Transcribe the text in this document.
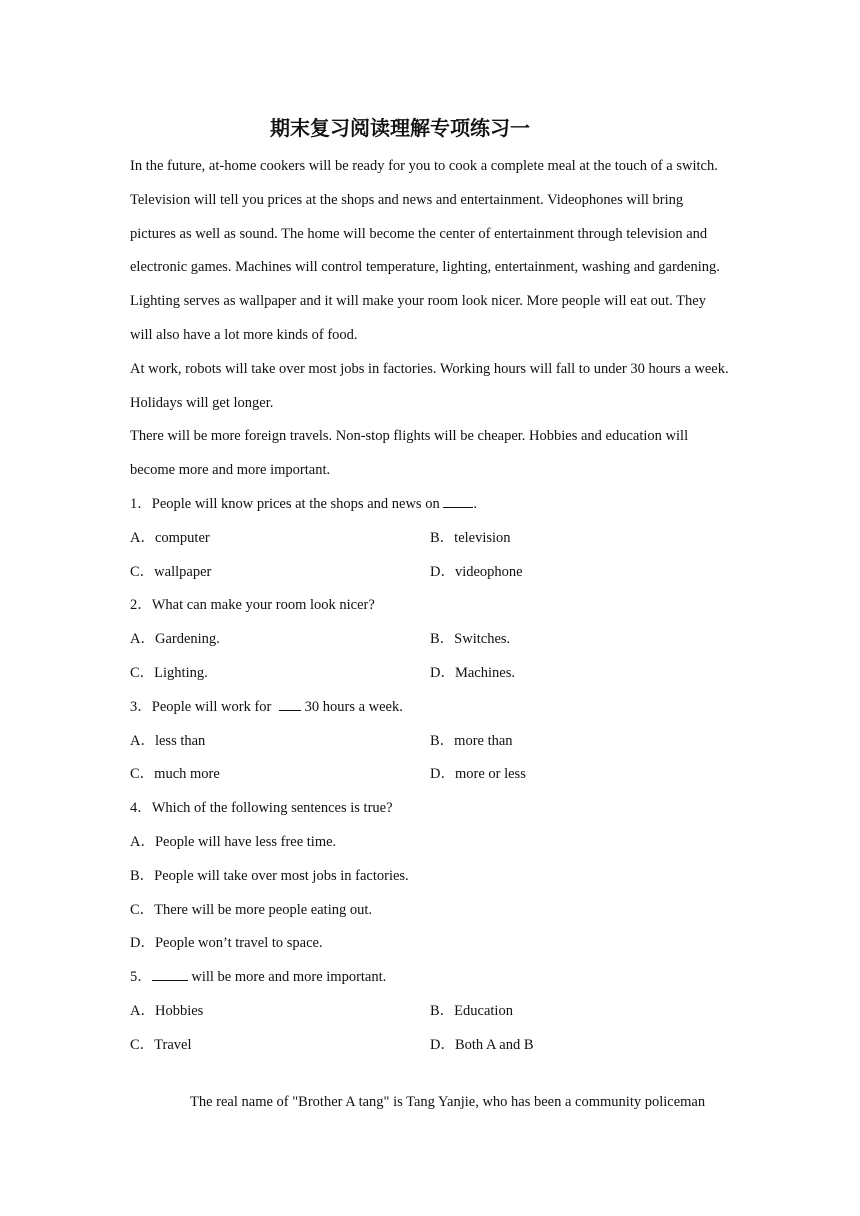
期末复习阅读理解专项练习一

In the future, at-home cookers will be ready for you to cook a complete meal at the touch of a switch. Television will tell you prices at the shops and news and entertainment. Videophones will bring pictures as well as sound. The home will become the center of entertainment through television and electronic games. Machines will control temperature, lighting, entertainment, washing and gardening. Lighting serves as wallpaper and it will make your room look nicer. More people will eat out. They will also have a lot more kinds of food.

At work, robots will take over most jobs in factories. Working hours will fall to under 30 hours a week. Holidays will get longer.

There will be more foreign travels. Non-stop flights will be cheaper. Hobbies and education will become more and more important.

1．People will know prices at the shops and news on .
A．computer	B．television
C．wallpaper	D．videophone
2．What can make your room look nicer?
A．Gardening.	B．Switches.
C．Lighting.	D．Machines.
3．People will work for  30 hours a week.
A．less than	B．more than
C．much more	D．more or less
4．Which of the following sentences is true?
A．People will have less free time.
B．People will take over most jobs in factories.
C．There will be more people eating out.
D．People won’t travel to space.
5． will be more and more important.
A．Hobbies	B．Education
C．Travel	D．Both A and B
The real name of "Brother A tang" is Tang Yanjie, who has been a community policeman
